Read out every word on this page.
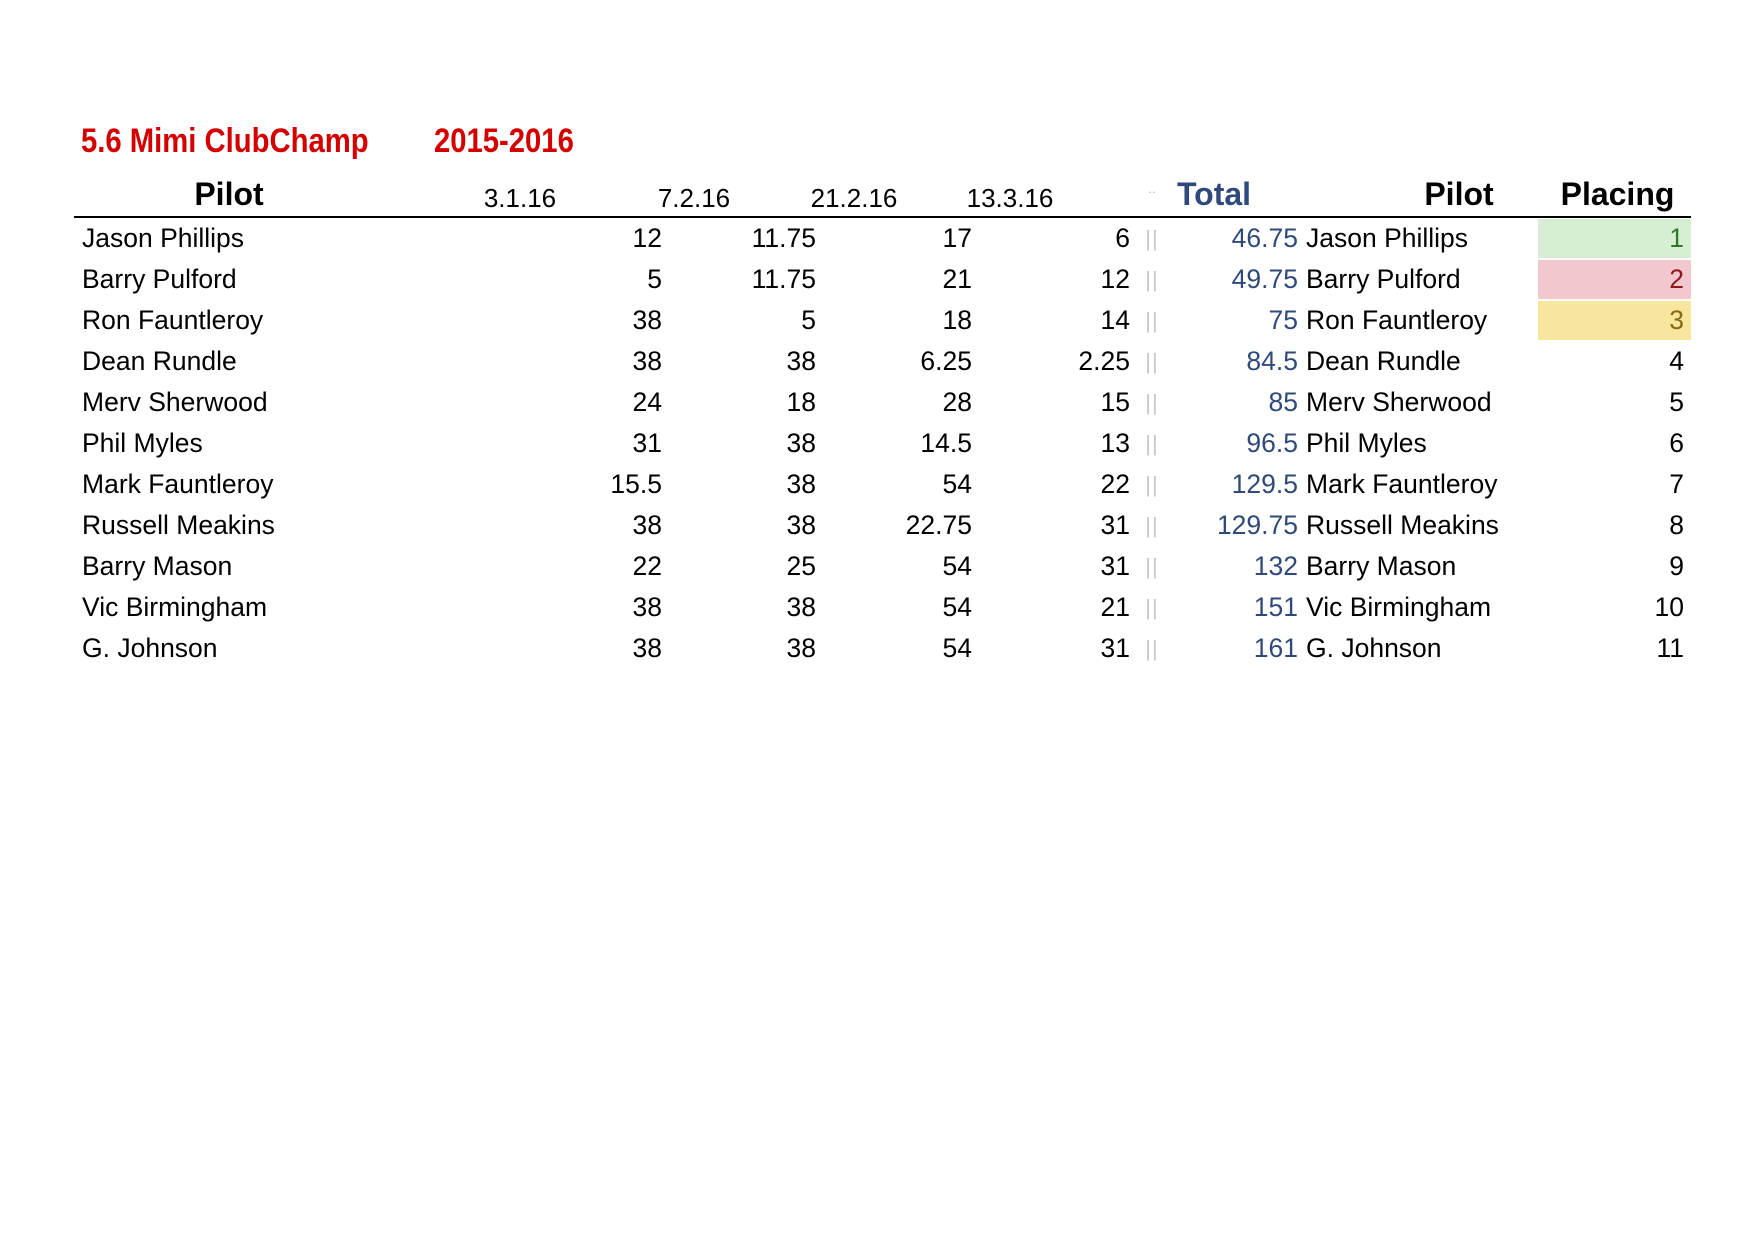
5.6 Mimi ClubChamp 2015-2016
Pilot	3.1.16	7.2.16	21.2.16	13.3.16	.. Total	Pilot	Placing
Jason Phillips	12	11.75	17	6 ||	46.75 Jason Phillips	1
Barry Pulford	5	11.75	21	12 ||	49.75 Barry Pulford	2
Ron Fauntleroy	38	5	18	14 ||	75 Ron Fauntleroy	3
Dean Rundle	38	38	6.25	2.25 ||	84.5 Dean Rundle	4
Merv Sherwood	24	18	28	15 ||	85 Merv Sherwood	5
Phil Myles	31	38	14.5	13 ||	96.5 Phil Myles	6
Mark Fauntleroy	15.5	38	54	22 ||	129.5 Mark Fauntleroy	7
Russell Meakins	38	38	22.75	31 ||	129.75 Russell Meakins	8
Barry Mason	22	25	54	31 ||	132 Barry Mason	9
Vic Birmingham	38	38	54	21 ||	151 Vic Birmingham	10
G. Johnson	38	38	54	31 ||	161 G. Johnson	11
